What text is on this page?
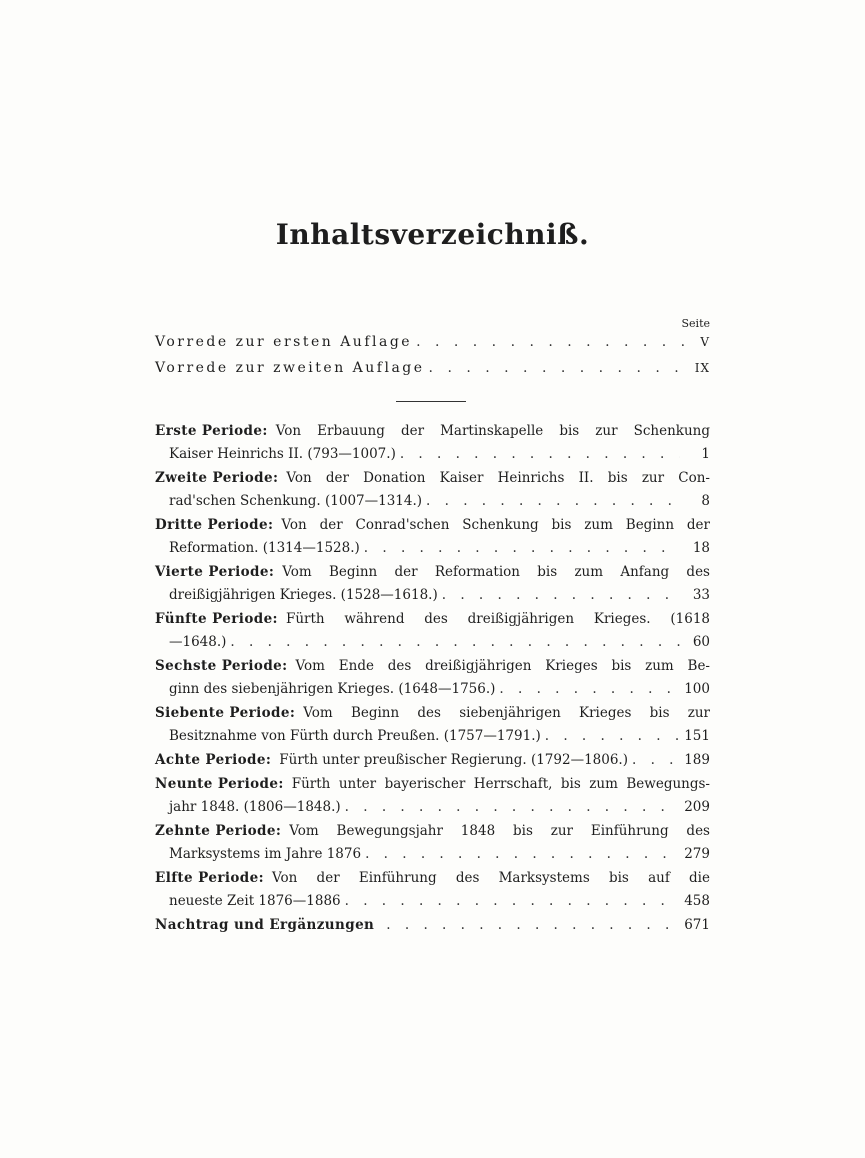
Inhaltsverzeichniß.
Seite
Vorrede zur ersten Auflage . . .	V
Vorrede zur zweiten Auflage . . .	IX
Erste Periode: Von Erbauung der Martinskapelle bis zur Schenkung
Kaiser Heinrichs II. (793—1007.) . . .	1
Zweite Periode: Von der Donation Kaiser Heinrichs II. bis zur Con-
rad'schen Schenkung. (1007—1314.) . . .	8
Dritte Periode: Von der Conrad'schen Schenkung bis zum Beginn der
Reformation. (1314—1528.) . . .	18
Vierte Periode: Vom Beginn der Reformation bis zum Anfang des
dreißigjährigen Krieges. (1528—1618.) . . .	33
Fünfte Periode: Fürth während des dreißigjährigen Krieges. (1618
—1648.) . . .	60
Sechste Periode: Vom Ende des dreißigjährigen Krieges bis zum Be-
ginn des siebenjährigen Krieges. (1648—1756.) . . .	100
Siebente Periode: Vom Beginn des siebenjährigen Krieges bis zur
Besitznahme von Fürth durch Preußen. (1757—1791.) . . .	151
Achte Periode: Fürth unter preußischer Regierung. (1792—1806.) . . .	189
Neunte Periode: Fürth unter bayerischer Herrschaft, bis zum Bewegungs-
jahr 1848. (1806—1848.) . . .	209
Zehnte Periode: Vom Bewegungsjahr 1848 bis zur Einführung des
Marksystems im Jahre 1876 . . .	279
Elfte Periode: Von der Einführung des Marksystems bis auf die
neueste Zeit 1876—1886 . . .	458
Nachtrag und Ergänzungen . . .	671
